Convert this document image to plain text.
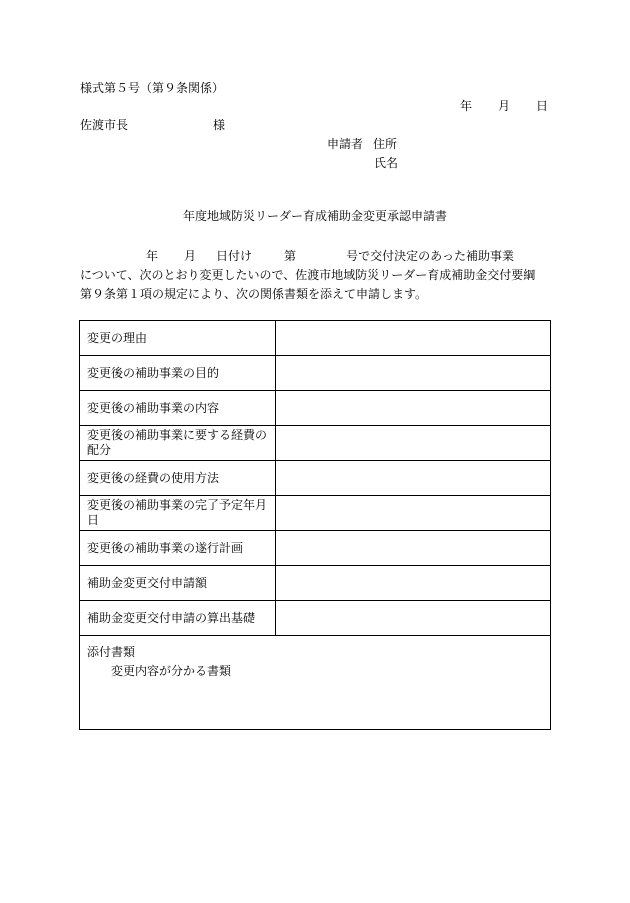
様式第５号（第９条関係）
年 月 日
佐渡市長	様
申請者 住所
氏名
年度地域防災リーダー育成補助金変更承認申請書
年 月 日付け	第	号で交付決定のあった補助事業
について、次のとおり変更したいので、佐渡市地域防災リーダー育成補助金交付要綱
第９条第１項の規定により、次の関係書類を添えて申請します。
変更の理由	
変更後の補助事業の目的	
変更後の補助事業の内容	
変更後の補助事業に要する経費の配分	
変更後の経費の使用方法	
変更後の補助事業の完了予定年月日	
変更後の補助事業の遂行計画	
補助金変更交付申請額	
補助金変更交付申請の算出基礎	
添付書類
変更内容が分かる書類	
